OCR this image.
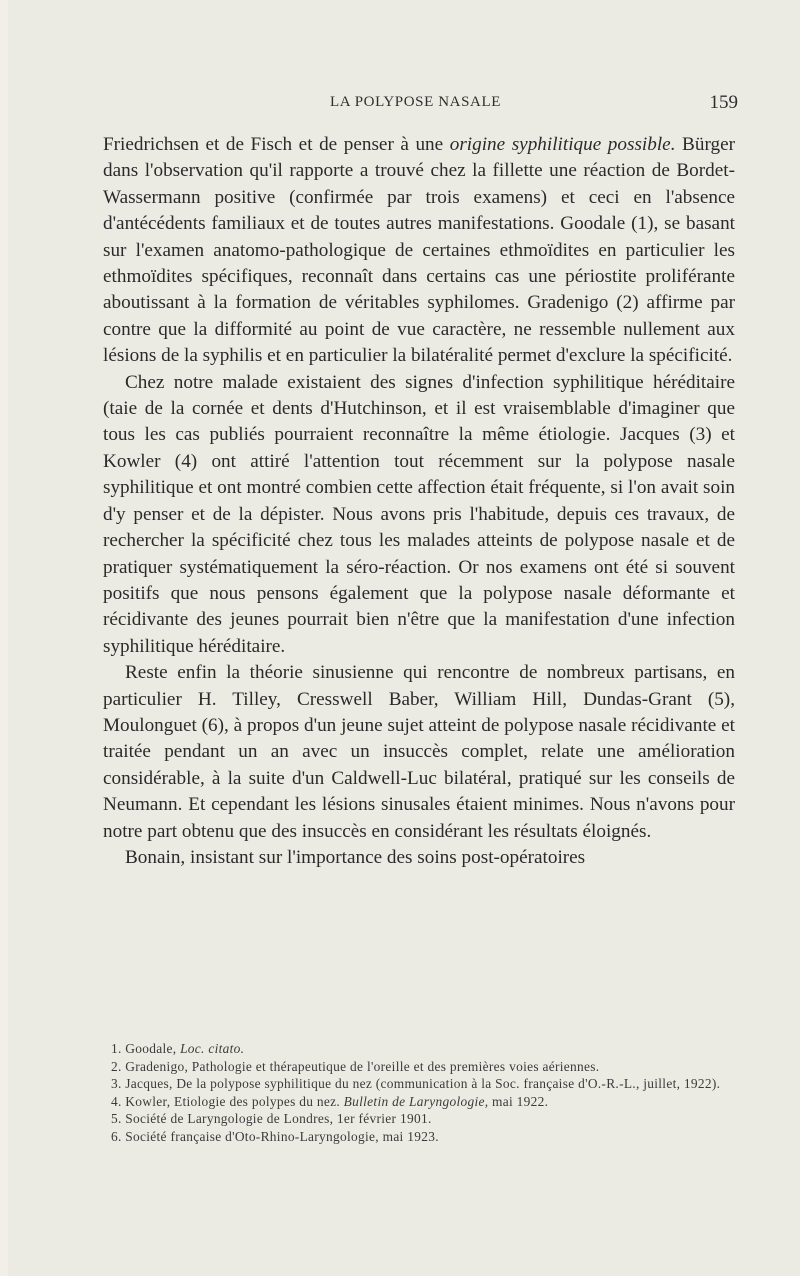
LA POLYPOSE NASALE	159

Friedrichsen et de Fisch et de penser à une origine syphilitique possible. Bürger dans l'observation qu'il rapporte a trouvé chez la fillette une réaction de Bordet-Wassermann positive (confirmée par trois examens) et ceci en l'absence d'antécédents familiaux et de toutes autres manifestations. Goodale (1), se basant sur l'examen anatomo-pathologique de certaines ethmoïdites en particulier les ethmoïdites spécifiques, reconnaît dans certains cas une périostite proliférante aboutissant à la formation de véritables syphilomes. Gradenigo (2) affirme par contre que la difformité au point de vue caractère, ne ressemble nullement aux lésions de la syphilis et en particulier la bilatéralité permet d'exclure la spécificité.

Chez notre malade existaient des signes d'infection syphilitique héréditaire (taie de la cornée et dents d'Hutchinson, et il est vraisemblable d'imaginer que tous les cas publiés pourraient reconnaître la même étiologie. Jacques (3) et Kowler (4) ont attiré l'attention tout récemment sur la polypose nasale syphilitique et ont montré combien cette affection était fréquente, si l'on avait soin d'y penser et de la dépister. Nous avons pris l'habitude, depuis ces travaux, de rechercher la spécificité chez tous les malades atteints de polypose nasale et de pratiquer systématiquement la séro-réaction. Or nos examens ont été si souvent positifs que nous pensons également que la polypose nasale déformante et récidivante des jeunes pourrait bien n'être que la manifestation d'une infection syphilitique héréditaire.

Reste enfin la théorie sinusienne qui rencontre de nombreux partisans, en particulier H. Tilley, Cresswell Baber, William Hill, Dundas-Grant (5), Moulonguet (6), à propos d'un jeune sujet atteint de polypose nasale récidivante et traitée pendant un an avec un insuccès complet, relate une amélioration considérable, à la suite d'un Caldwell-Luc bilatéral, pratiqué sur les conseils de Neumann. Et cependant les lésions sinusales étaient minimes. Nous n'avons pour notre part obtenu que des insuccès en considérant les résultats éloignés.

Bonain, insistant sur l'importance des soins post-opératoires

1. Goodale, Loc. citato.

2. Gradenigo, Pathologie et thérapeutique de l'oreille et des premières voies aériennes.

3. Jacques, De la polypose syphilitique du nez (communication à la Soc. française d'O.-R.-L., juillet, 1922).

4. Kowler, Etiologie des polypes du nez. Bulletin de Laryngologie, mai 1922.

5. Société de Laryngologie de Londres, 1er février 1901.

6. Société française d'Oto-Rhino-Laryngologie, mai 1923.
